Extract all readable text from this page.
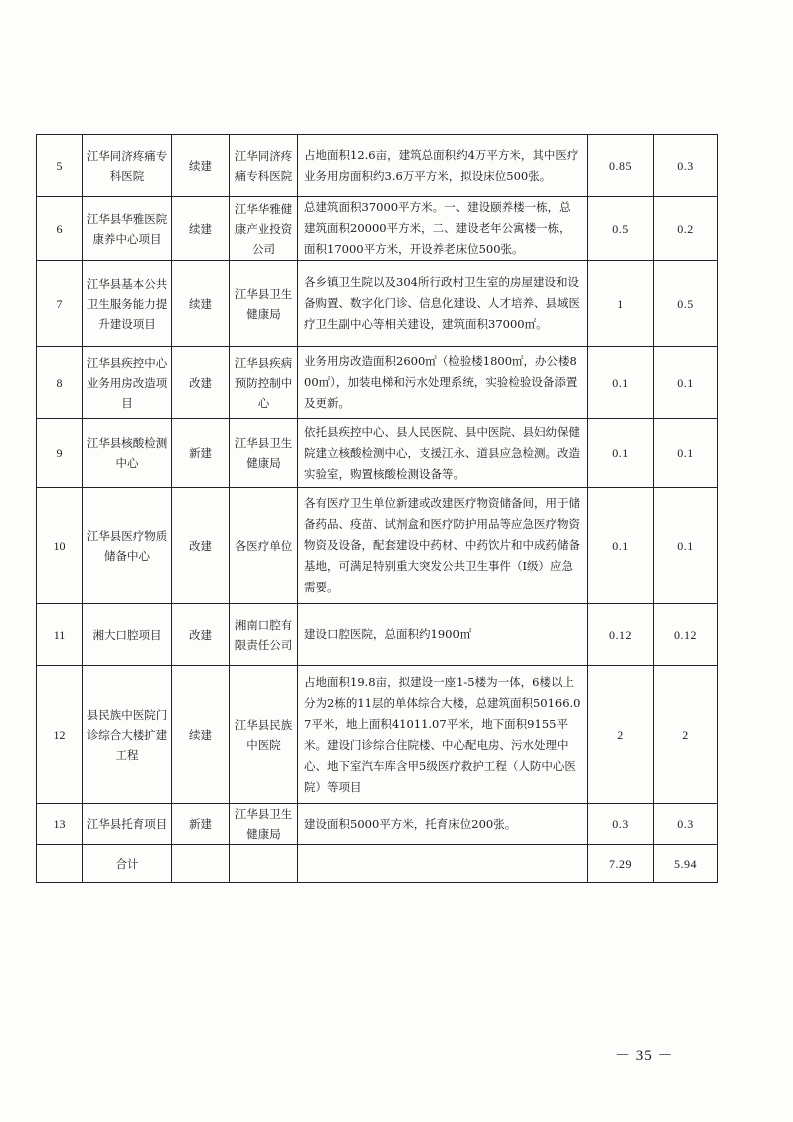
5	江华同济疼痛专科医院	续建	江华同济疼痛专科医院	占地面积12.6亩，建筑总面积约4万平方米，其中医疗业务用房面积约3.6万平方米，拟设床位500张。	0.85	0.3
6	江华县华雅医院康养中心项目	续建	江华华雅健康产业投资公司	总建筑面积37000平方米。一、建设颐养楼一栋，总建筑面积20000平方米，二、建设老年公寓楼一栋，面积17000平方米，开设养老床位500张。	0.5	0.2
7	江华县基本公共卫生服务能力提升建设项目	续建	江华县卫生健康局	各乡镇卫生院以及304所行政村卫生室的房屋建设和设备购置、数字化门诊、信息化建设、人才培养、县域医疗卫生副中心等相关建设，建筑面积37000㎡。	1	0.5
8	江华县疾控中心业务用房改造项目	改建	江华县疾病预防控制中心	业务用房改造面积2600㎡（检验楼1800㎡，办公楼800㎡），加装电梯和污水处理系统，实验检验设备添置及更新。	0.1	0.1
9	江华县核酸检测中心	新建	江华县卫生健康局	依托县疾控中心、县人民医院、县中医院、县妇幼保健院建立核酸检测中心，支援江永、道县应急检测。改造实验室，购置核酸检测设备等。	0.1	0.1
10	江华县医疗物质储备中心	改建	各医疗单位	各有医疗卫生单位新建或改建医疗物资储备间，用于储备药品、疫苗、试剂盒和医疗防护用品等应急医疗物资物资及设备，配套建设中药材、中药饮片和中成药储备基地，可满足特别重大突发公共卫生事件（Ⅰ级）应急需要。	0.1	0.1
11	湘大口腔项目	改建	湘南口腔有限责任公司	建设口腔医院，总面积约1900㎡	0.12	0.12
12	县民族中医院门诊综合大楼扩建工程	续建	江华县民族中医院	占地面积19.8亩，拟建设一座1-5楼为一体，6楼以上分为2栋的11层的单体综合大楼，总建筑面积50166.07平米，地上面积41011.07平米，地下面积9155平米。建设门诊综合住院楼、中心配电房、污水处理中心、地下室汽车库含甲5级医疗救护工程（人防中心医院）等项目	2	2
13	江华县托育项目	新建	江华县卫生健康局	建设面积5000平方米，托育床位200张。	0.3	0.3
	合计				7.29	5.94
－ 35 －
